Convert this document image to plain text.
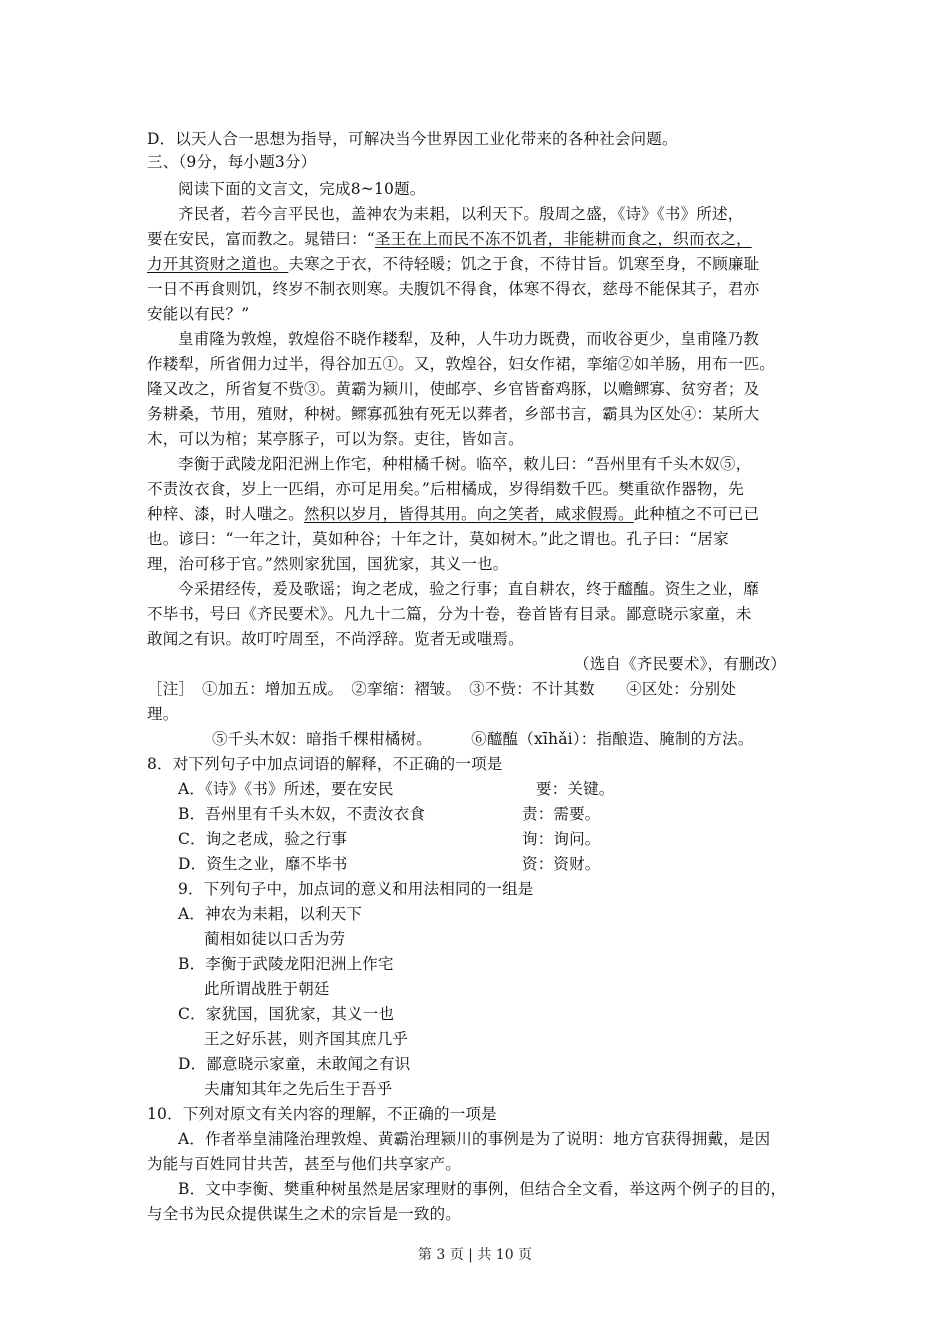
D．以天人合一思想为指导，可解决当今世界因工业化带来的各种社会问题。
三、（9分，每小题3分）
阅读下面的文言文，完成8~10题。
齐民者，若今言平民也，盖神农为耒耜，以利天下。殷周之盛，《诗》《书》所述，
要在安民，富而教之。晁错曰：“圣王在上而民不冻不饥者，非能耕而食之，织而衣之，
力开其资财之道也。夫寒之于衣，不待轻暖；饥之于食，不待甘旨。饥寒至身，不顾廉耻
一日不再食则饥，终岁不制衣则寒。夫腹饥不得食，体寒不得衣，慈母不能保其子，君亦
安能以有民？”
皇甫隆为敦煌，敦煌俗不晓作耧犁，及种，人牛功力既费，而收谷更少，皇甫隆乃教
作耧犁，所省佣力过半，得谷加五①。又，敦煌谷，妇女作裙，挛缩②如羊肠，用布一匹。
隆又改之，所省复不赀③。黄霸为颍川，使邮亭、乡官皆畜鸡豚，以赡鳏寡、贫穷者；及
务耕桑，节用，殖财，种树。鳏寡孤独有死无以葬者，乡部书言，霸具为区处④：某所大
木，可以为棺；某亭豚子，可以为祭。吏往，皆如言。
李衡于武陵龙阳汜洲上作宅，种柑橘千树。临卒，敕儿曰：“吾州里有千头木奴⑤，
不责汝衣食，岁上一匹绢，亦可足用矣。”后柑橘成，岁得绢数千匹。樊重欲作器物，先
种梓、漆，时人嗤之。然积以岁月，皆得其用。向之笑者，咸求假焉。此种植之不可已已
也。谚曰：“一年之计，莫如种谷；十年之计，莫如树木。”此之谓也。孔子曰：“居家
理，治可移于官。”然则家犹国，国犹家，其义一也。
今采捃经传，爰及歌谣；询之老成，验之行事；直自耕农，终于醯醢。资生之业，靡
不毕书，号曰《齐民要术》。凡九十二篇，分为十卷，卷首皆有目录。鄙意晓示家童，未
敢闻之有识。故叮咛周至，不尚浮辞。览者无或嗤焉。
（选自《齐民要术》，有删改）
［注］　①加五：增加五成。　②挛缩：褶皱。　③不赀：不计其数　　④区处：分别处
理。
⑤千头木奴：暗指千棵柑橘树。　　　⑥醯醢（xīhǎi）：指酿造、腌制的方法。
8．对下列句子中加点词语的解释，不正确的一项是
A．《诗》《书》所述，要在安民	要：关键。
B．吾州里有千头木奴，不责汝衣食	责：需要。
C．询之老成，验之行事	询：询问。
D．资生之业，靡不毕书	资：资财。
9．下列句子中，加点词的意义和用法相同的一组是
A．神农为耒耜，以利天下
蔺相如徒以口舌为劳
B．李衡于武陵龙阳汜洲上作宅
此所谓战胜于朝廷
C．家犹国，国犹家，其义一也
王之好乐甚，则齐国其庶几乎
D．鄙意晓示家童，未敢闻之有识
夫庸知其年之先后生于吾乎
10．下列对原文有关内容的理解，不正确的一项是
A．作者举皇浦隆治理敦煌、黄霸治理颍川的事例是为了说明：地方官获得拥戴，是因
为能与百姓同甘共苦，甚至与他们共享家产。
B．文中李衡、樊重种树虽然是居家理财的事例，但结合全文看，举这两个例子的目的，
与全书为民众提供谋生之术的宗旨是一致的。
第 3 页 | 共 10 页
